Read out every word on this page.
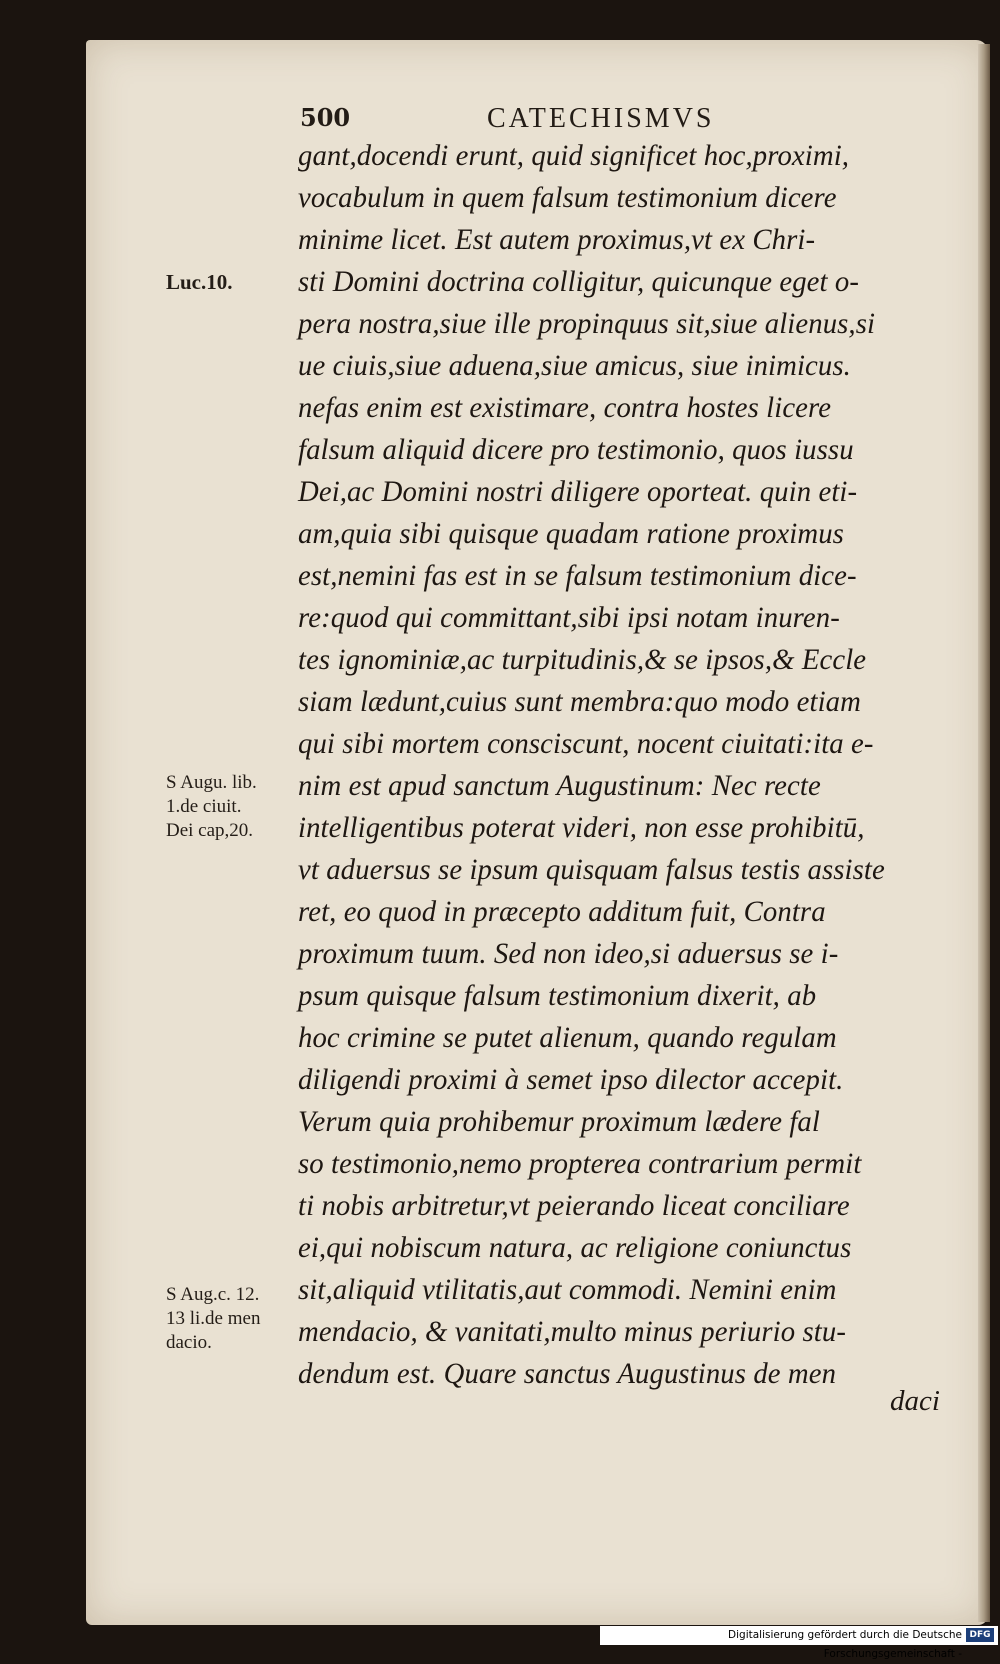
500	CATECHISMVS
gant,docendi erunt, quid significet hoc,proximi,
vocabulum in quem falsum testimonium dicere
minime licet. Est autem proximus,vt ex Chri-
sti Domini doctrina colligitur, quicunque eget o-
pera nostra,siue ille propinquus sit,siue alienus,si
ue ciuis,siue aduena,siue amicus, siue inimicus.
nefas enim est existimare, contra hostes licere
falsum aliquid dicere pro testimonio, quos iussu
Dei,ac Domini nostri diligere oporteat. quin eti-
am,quia sibi quisque quadam ratione proximus
est,nemini fas est in se falsum testimonium dice-
re:quod qui committant,sibi ipsi notam inuren-
tes ignominiæ,ac turpitudinis,& se ipsos,& Eccle
siam lædunt,cuius sunt membra:quo modo etiam
qui sibi mortem consciscunt, nocent ciuitati:ita e-
nim est apud sanctum Augustinum: Nec recte
intelligentibus poterat videri, non esse prohibitū,
vt aduersus se ipsum quisquam falsus testis assiste
ret, eo quod in præcepto additum fuit, Contra
proximum tuum. Sed non ideo,si aduersus se i-
psum quisque falsum testimonium dixerit, ab
hoc crimine se putet alienum, quando regulam
diligendi proximi à semet ipso dilector accepit.
Verum quia prohibemur proximum lædere fal
so testimonio,nemo propterea contrarium permit
ti nobis arbitretur,vt peierando liceat conciliare
ei,qui nobiscum natura, ac religione coniunctus
sit,aliquid vtilitatis,aut commodi. Nemini enim
mendacio, & vanitati,multo minus periurio stu-
dendum est. Quare sanctus Augustinus de men
Luc.10.
S Augu. lib.
1.de ciuit.
Dei cap,20.
S Aug.c. 12.
13 li.de men
dacio.
daci
Digitalisierung gefördert durch die Deutsche Forschungsgemeinschaft -
DFG
